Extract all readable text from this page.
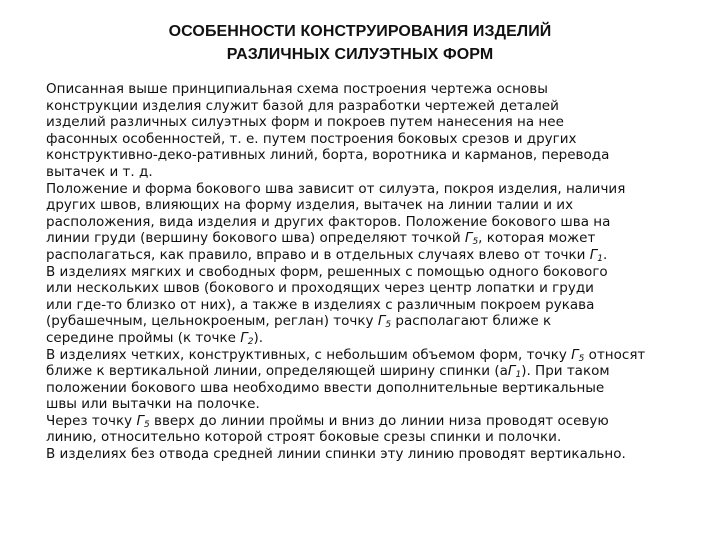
ОСОБЕННОСТИ КОНСТРУИРОВАНИЯ ИЗДЕЛИЙ
РАЗЛИЧНЫХ СИЛУЭТНЫХ ФОРМ

Описанная выше принципиальная схема построения чертежа основы
конструкции изделия служит базой для разработки чертежей деталей
изделий различных силуэтных форм и покроев путем нанесения на нее
фасонных особенностей, т. е. путем построения боковых срезов и других
конструктивно-деко-ративных линий, борта, воротника и карманов, перевода
вытачек и т. д.

Положение и форма бокового шва зависит от силуэта, покроя изделия, наличия
других швов, влияющих на форму изделия, вытачек на линии талии и их
расположения, вида изделия и других факторов. Положение бокового шва на
линии груди (вершину бокового шва) определяют точкой $Г_5$, которая может
располагаться, как правило, вправо и в отдельных случаях влево от точки $Г_1$.

В изделиях мягких и свободных форм, решенных с помощью одного бокового
или нескольких швов (бокового и проходящих через центр лопатки и груди
или где-то близко от них), а также в изделиях с различным покроем рукава
(рубашечным, цельнокроеным, реглан) точку $Г_5$ располагают ближе к
середине проймы (к точке $Г_2$).

В изделиях четких, конструктивных, с небольшим объемом форм, точку $Г_5$ относят
ближе к вертикальной линии, определяющей ширину спинки $(аГ_1)$. При таком
положении бокового шва необходимо ввести дополнительные вертикальные
швы или вытачки на полочке.

Через точку $Г_5$ вверх до линии проймы и вниз до линии низа проводят осевую
линию, относительно которой строят боковые срезы спинки и полочки.

В изделиях без отвода средней линии спинки эту линию проводят вертикально.
